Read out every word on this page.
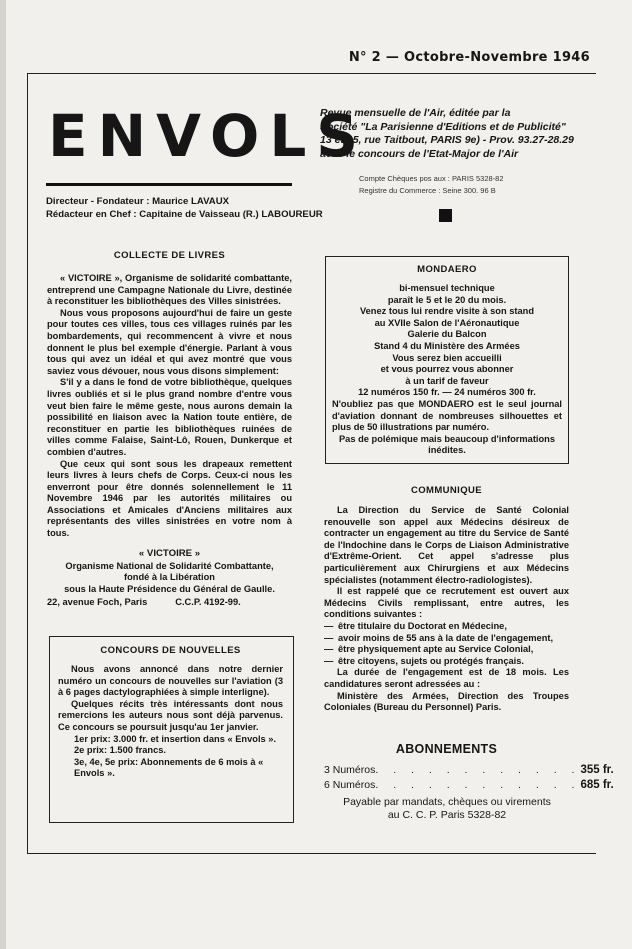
N° 2 — Octobre-Novembre 1946
ENVOLS
Directeur - Fondateur : Maurice LAVAUX
Rédacteur en Chef : Capitaine de Vaisseau (R.) LABOUREUR
Revue mensuelle de l'Air, éditée par la
Société "La Parisienne d'Editions et de Publicité"
13 et 15, rue Taitbout, PARIS 9e) - Prov. 93.27-28.29
avec le concours de l'Etat-Major de l'Air
Compte Chèques pos aux : PARIS 5328-82
Registre du Commerce : Seine 300. 96 B
COLLECTE DE LIVRES

« VICTOIRE », Organisme de solidarité combattante, entreprend une Campagne Nationale du Livre, destinée à reconstituer les bibliothèques des Villes sinistrées.

Nous vous proposons aujourd'hui de faire un geste pour toutes ces villes, tous ces villages ruinés par les bombardements, qui recommencent à vivre et nous donnent le plus bel exemple d'énergie. Parlant à vous tous qui avez un idéal et qui avez montré que vous saviez vous dévouer, nous vous disons simplement:

S'il y a dans le fond de votre bibliothèque, quelques livres oubliés et si le plus grand nombre d'entre vous veut bien faire le même geste, nous aurons demain la possibilité en liaison avec la Nation toute entière, de reconstituer en partie les bibliothèques ruinées de villes comme Falaise, Saint-Lô, Rouen, Dunkerque et combien d'autres.

Que ceux qui sont sous les drapeaux remettent leurs livres à leurs chefs de Corps. Ceux-ci nous les enverront pour être donnés solennellement le 11 Novembre 1946 par les autorités militaires ou Associations et Amicales d'Anciens militaires aux représentants des villes sinistrées en votre nom à tous.

« VICTOIRE »
Organisme National de Solidarité Combattante,
fondé à la Libération
sous la Haute Présidence du Général de Gaulle.
22, avenue Foch, Paris	C.C.P. 4192-99.
CONCOURS DE NOUVELLES

Nous avons annoncé dans notre dernier numéro un concours de nouvelles sur l'aviation (3 à 6 pages dactylographiées à simple interligne).

Quelques récits très intéressants dont nous remercions les auteurs nous sont déjà parvenus. Ce concours se poursuit jusqu'au 1er janvier.

1er prix: 3.000 fr. et insertion dans « Envols ».
2e prix: 1.500 francs.
3e, 4e, 5e prix: Abonnements de 6 mois à « Envols ».
MONDAERO
bi-mensuel technique
paraît le 5 et le 20 du mois.
Venez tous lui rendre visite à son stand
au XVIIe Salon de l'Aéronautique
Galerie du Balcon
Stand 4 du Ministère des Armées
Vous serez bien accueilli
et vous pourrez vous abonner
à un tarif de faveur
12 numéros 150 fr. — 24 numéros 300 fr.
N'oubliez pas que MONDAERO est le seul journal d'aviation donnant de nombreuses silhouettes et plus de 50 illustrations par numéro.
Pas de polémique mais beaucoup d'informations inédites.
COMMUNIQUE

La Direction du Service de Santé Colonial renouvelle son appel aux Médecins désireux de contracter un engagement au titre du Service de Santé de l'Indochine dans le Corps de Liaison Administrative d'Extrême-Orient. Cet appel s'adresse plus particulièrement aux Chirurgiens et aux Médecins spécialistes (notamment électro-radiologistes).

Il est rappelé que ce recrutement est ouvert aux Médecins Civils remplissant, entre autres, les conditions suivantes :

— être titulaire du Doctorat en Médecine,
— avoir moins de 55 ans à la date de l'engagement,
— être physiquement apte au Service Colonial,
— être citoyens, sujets ou protégés français.

La durée de l'engagement est de 18 mois. Les candidatures seront adressées au :

Ministère des Armées, Direction des Troupes Coloniales (Bureau du Personnel) Paris.

ABONNEMENTS
3 Numéros . . . . . . . . . . . . 355 fr.
6 Numéros . . . . . . . . . . . . 685 fr.
Payable par mandats, chèques ou virements
au C. C. P. Paris 5328-82
